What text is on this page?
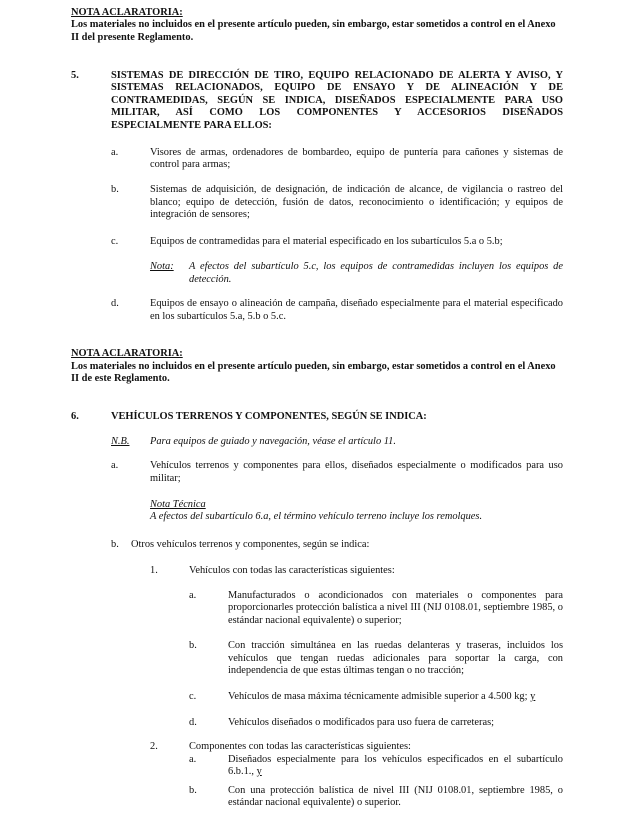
NOTA ACLARATORIA:
Los materiales no incluidos en el presente artículo pueden, sin embargo, estar sometidos a control en el Anexo
II del presente Reglamento.
5.	SISTEMAS DE DIRECCIÓN DE TIRO, EQUIPO RELACIONADO DE ALERTA Y AVISO, Y
SISTEMAS RELACIONADOS, EQUIPO DE ENSAYO Y DE ALINEACIÓN Y DE
CONTRAMEDIDAS, SEGÚN SE INDICA, DISEÑADOS ESPECIALMENTE PARA USO
MILITAR, ASÍ COMO LOS COMPONENTES Y ACCESORIOS DISEÑADOS
ESPECIALMENTE PARA ELLOS:
a.	Visores de armas, ordenadores de bombardeo, equipo de puntería para cañones y sistemas de
control para armas;
b.	Sistemas de adquisición, de designación, de indicación de alcance, de vigilancia o rastreo del
blanco; equipo de detección, fusión de datos, reconocimiento o identificación; y equipos de
integración de sensores;
c.	Equipos de contramedidas para el material especificado en los subartículos 5.a o 5.b;
Nota: A efectos del subartículo 5.c, los equipos de contramedidas incluyen los equipos de
detección.
d.	Equipos de ensayo o alineación de campaña, diseñado especialmente para el material especificado
en los subartículos 5.a, 5.b o 5.c.
NOTA ACLARATORIA:
Los materiales no incluidos en el presente artículo pueden, sin embargo, estar sometidos a control en el Anexo
II de este Reglamento.
6.	VEHÍCULOS TERRENOS Y COMPONENTES, SEGÚN SE INDICA:
N.B. Para equipos de guiado y navegación, véase el artículo 11.
a.	Vehículos terrenos y componentes para ellos, diseñados especialmente o modificados para uso
militar;
Nota Técnica
A efectos del subartículo 6.a, el término vehículo terreno incluye los remolques.
b. Otros vehículos terrenos y componentes, según se indica:
1.	Vehículos con todas las características siguientes:
a.	Manufacturados o acondicionados con materiales o componentes para
proporcionarles protección balística a nivel III (NIJ 0108.01, septiembre 1985, o
estándar nacional equivalente) o superior;
b.	Con tracción simultánea en las ruedas delanteras y traseras, incluidos los
vehículos que tengan ruedas adicionales para soportar la carga, con
independencia de que estas últimas tengan o no tracción;
c.	Vehículos de masa máxima técnicamente admisible superior a 4.500 kg; y
d.	Vehículos diseñados o modificados para uso fuera de carreteras;
2.	Componentes con todas las características siguientes:
a.	Diseñados especialmente para los vehículos especificados en el subartículo
6.b.1., y
b.	Con una protección balística de nivel III (NIJ 0108.01, septiembre 1985, o
estándar nacional equivalente) o superior.
